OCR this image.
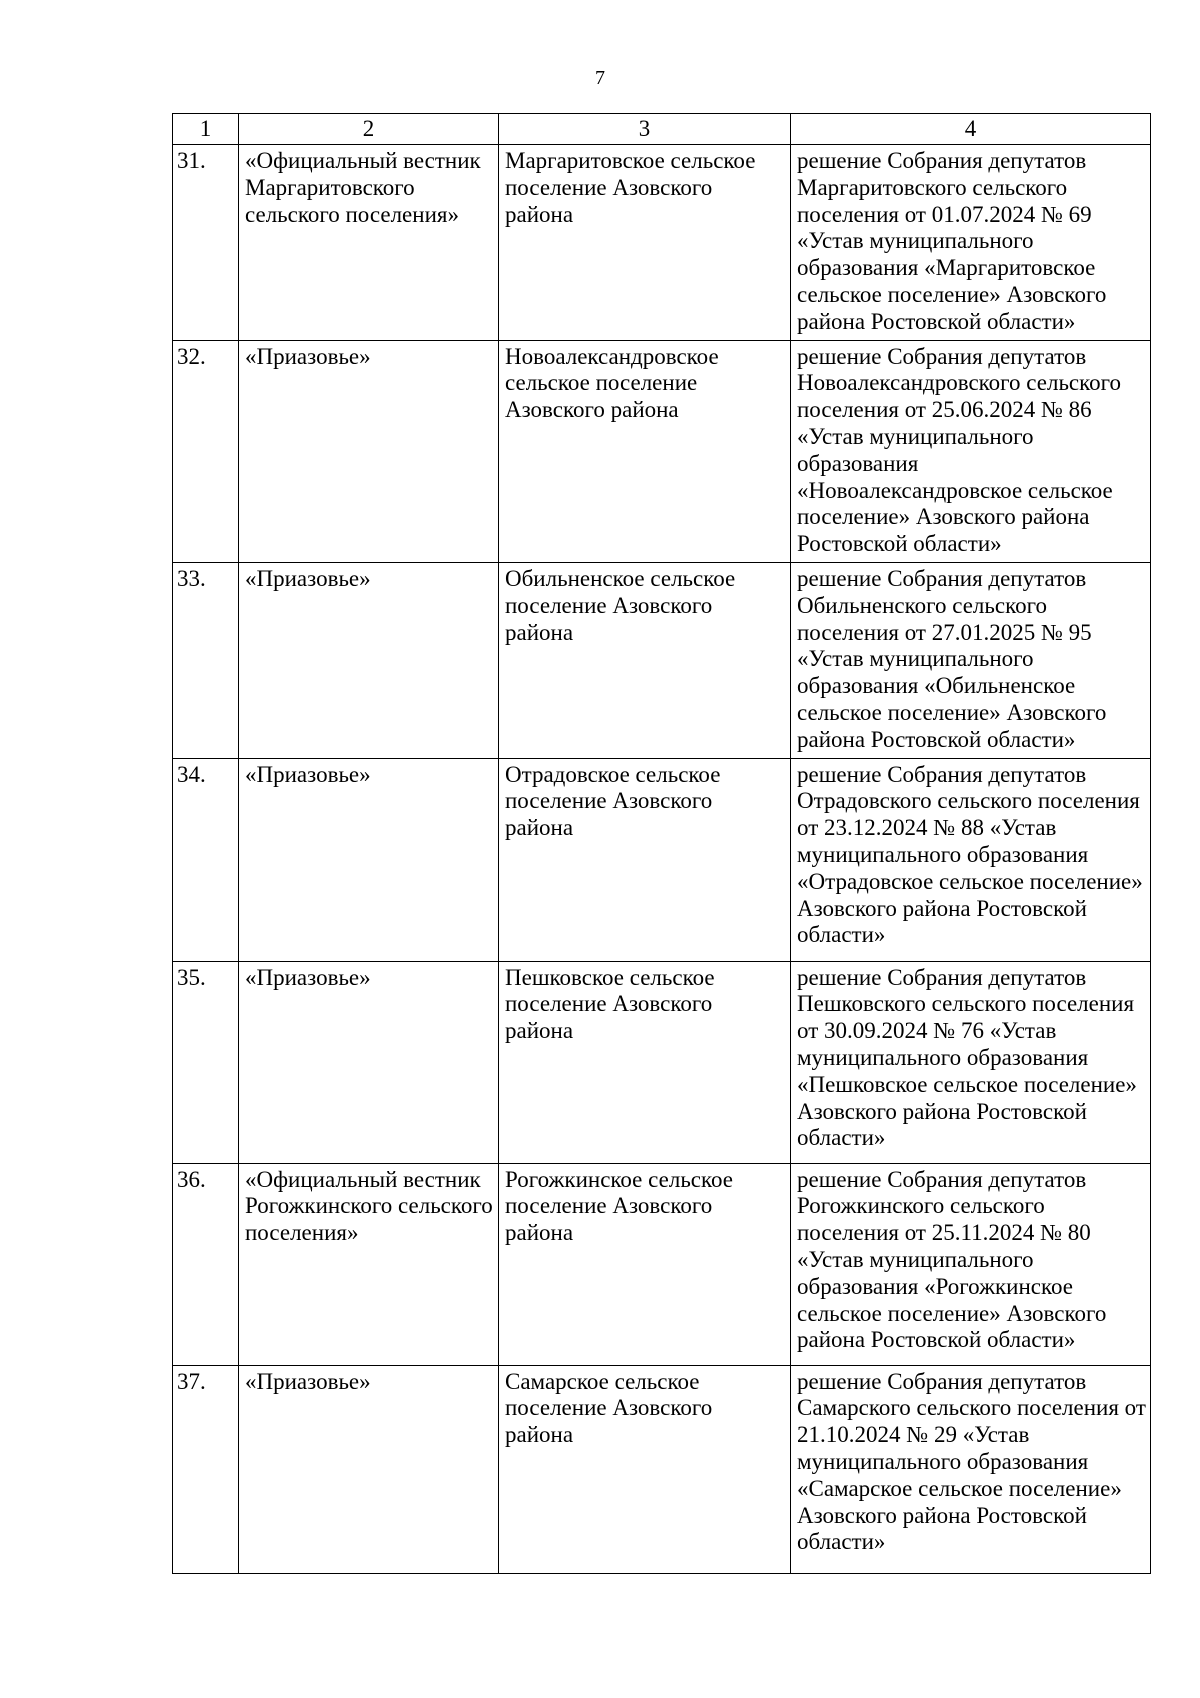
7
1	2	3	4
31.	«Официальный вестник Маргаритовского сельского поселения»	Маргаритовское сельское поселение Азовского района	решение Собрания депутатов Маргаритовского сельского поселения от 01.07.2024 № 69 «Устав муниципального образования «Маргаритовское сельское поселение» Азовского района Ростовской области»
32.	«Приазовье»	Новоалександровское сельское поселение Азовского района	решение Собрания депутатов Новоалександровского сельского поселения от 25.06.2024 № 86 «Устав муниципального образования «Новоалександровское сельское поселение» Азовского района Ростовской области»
33.	«Приазовье»	Обильненское сельское поселение Азовского района	решение Собрания депутатов Обильненского сельского поселения от 27.01.2025 № 95 «Устав муниципального образования «Обильненское сельское поселение» Азовского района Ростовской области»
34.	«Приазовье»	Отрадовское сельское поселение Азовского района	решение Собрания депутатов Отрадовского сельского поселения от 23.12.2024 № 88 «Устав муниципального образования «Отрадовское сельское поселение» Азовского района Ростовской области»
35.	«Приазовье»	Пешковское сельское поселение Азовского района	решение Собрания депутатов Пешковского сельского поселения от 30.09.2024 № 76 «Устав муниципального образования «Пешковское сельское поселение» Азовского района Ростовской области»
36.	«Официальный вестник Рогожкинского сельского поселения»	Рогожкинское сельское поселение Азовского района	решение Собрания депутатов Рогожкинского сельского поселения от 25.11.2024 № 80 «Устав муниципального образования «Рогожкинское сельское поселение» Азовского района Ростовской области»
37.	«Приазовье»	Самарское сельское поселение Азовского района	решение Собрания депутатов Самарского сельского поселения от 21.10.2024 № 29 «Устав муниципального образования «Самарское сельское поселение» Азовского района Ростовской области»
